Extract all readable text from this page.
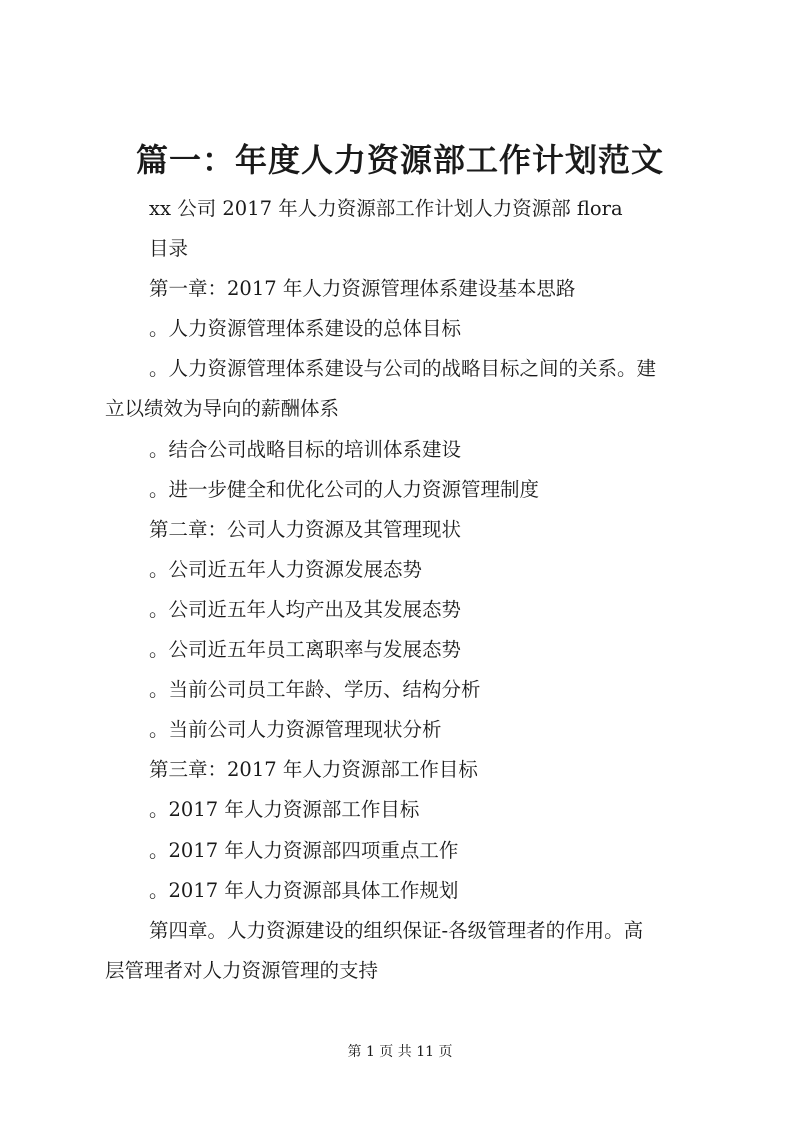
篇一：年度人力资源部工作计划范文
xx 公司 2017 年人力资源部工作计划人力资源部 flora
目录
第一章：2017 年人力资源管理体系建设基本思路
。人力资源管理体系建设的总体目标
。人力资源管理体系建设与公司的战略目标之间的关系。建
立以绩效为导向的薪酬体系
。结合公司战略目标的培训体系建设
。进一步健全和优化公司的人力资源管理制度
第二章：公司人力资源及其管理现状
。公司近五年人力资源发展态势
。公司近五年人均产出及其发展态势
。公司近五年员工离职率与发展态势
。当前公司员工年龄、学历、结构分析
。当前公司人力资源管理现状分析
第三章：2017 年人力资源部工作目标
。2017 年人力资源部工作目标
。2017 年人力资源部四项重点工作
。2017 年人力资源部具体工作规划
第四章。人力资源建设的组织保证-各级管理者的作用。高
层管理者对人力资源管理的支持
第 1 页 共 11 页
